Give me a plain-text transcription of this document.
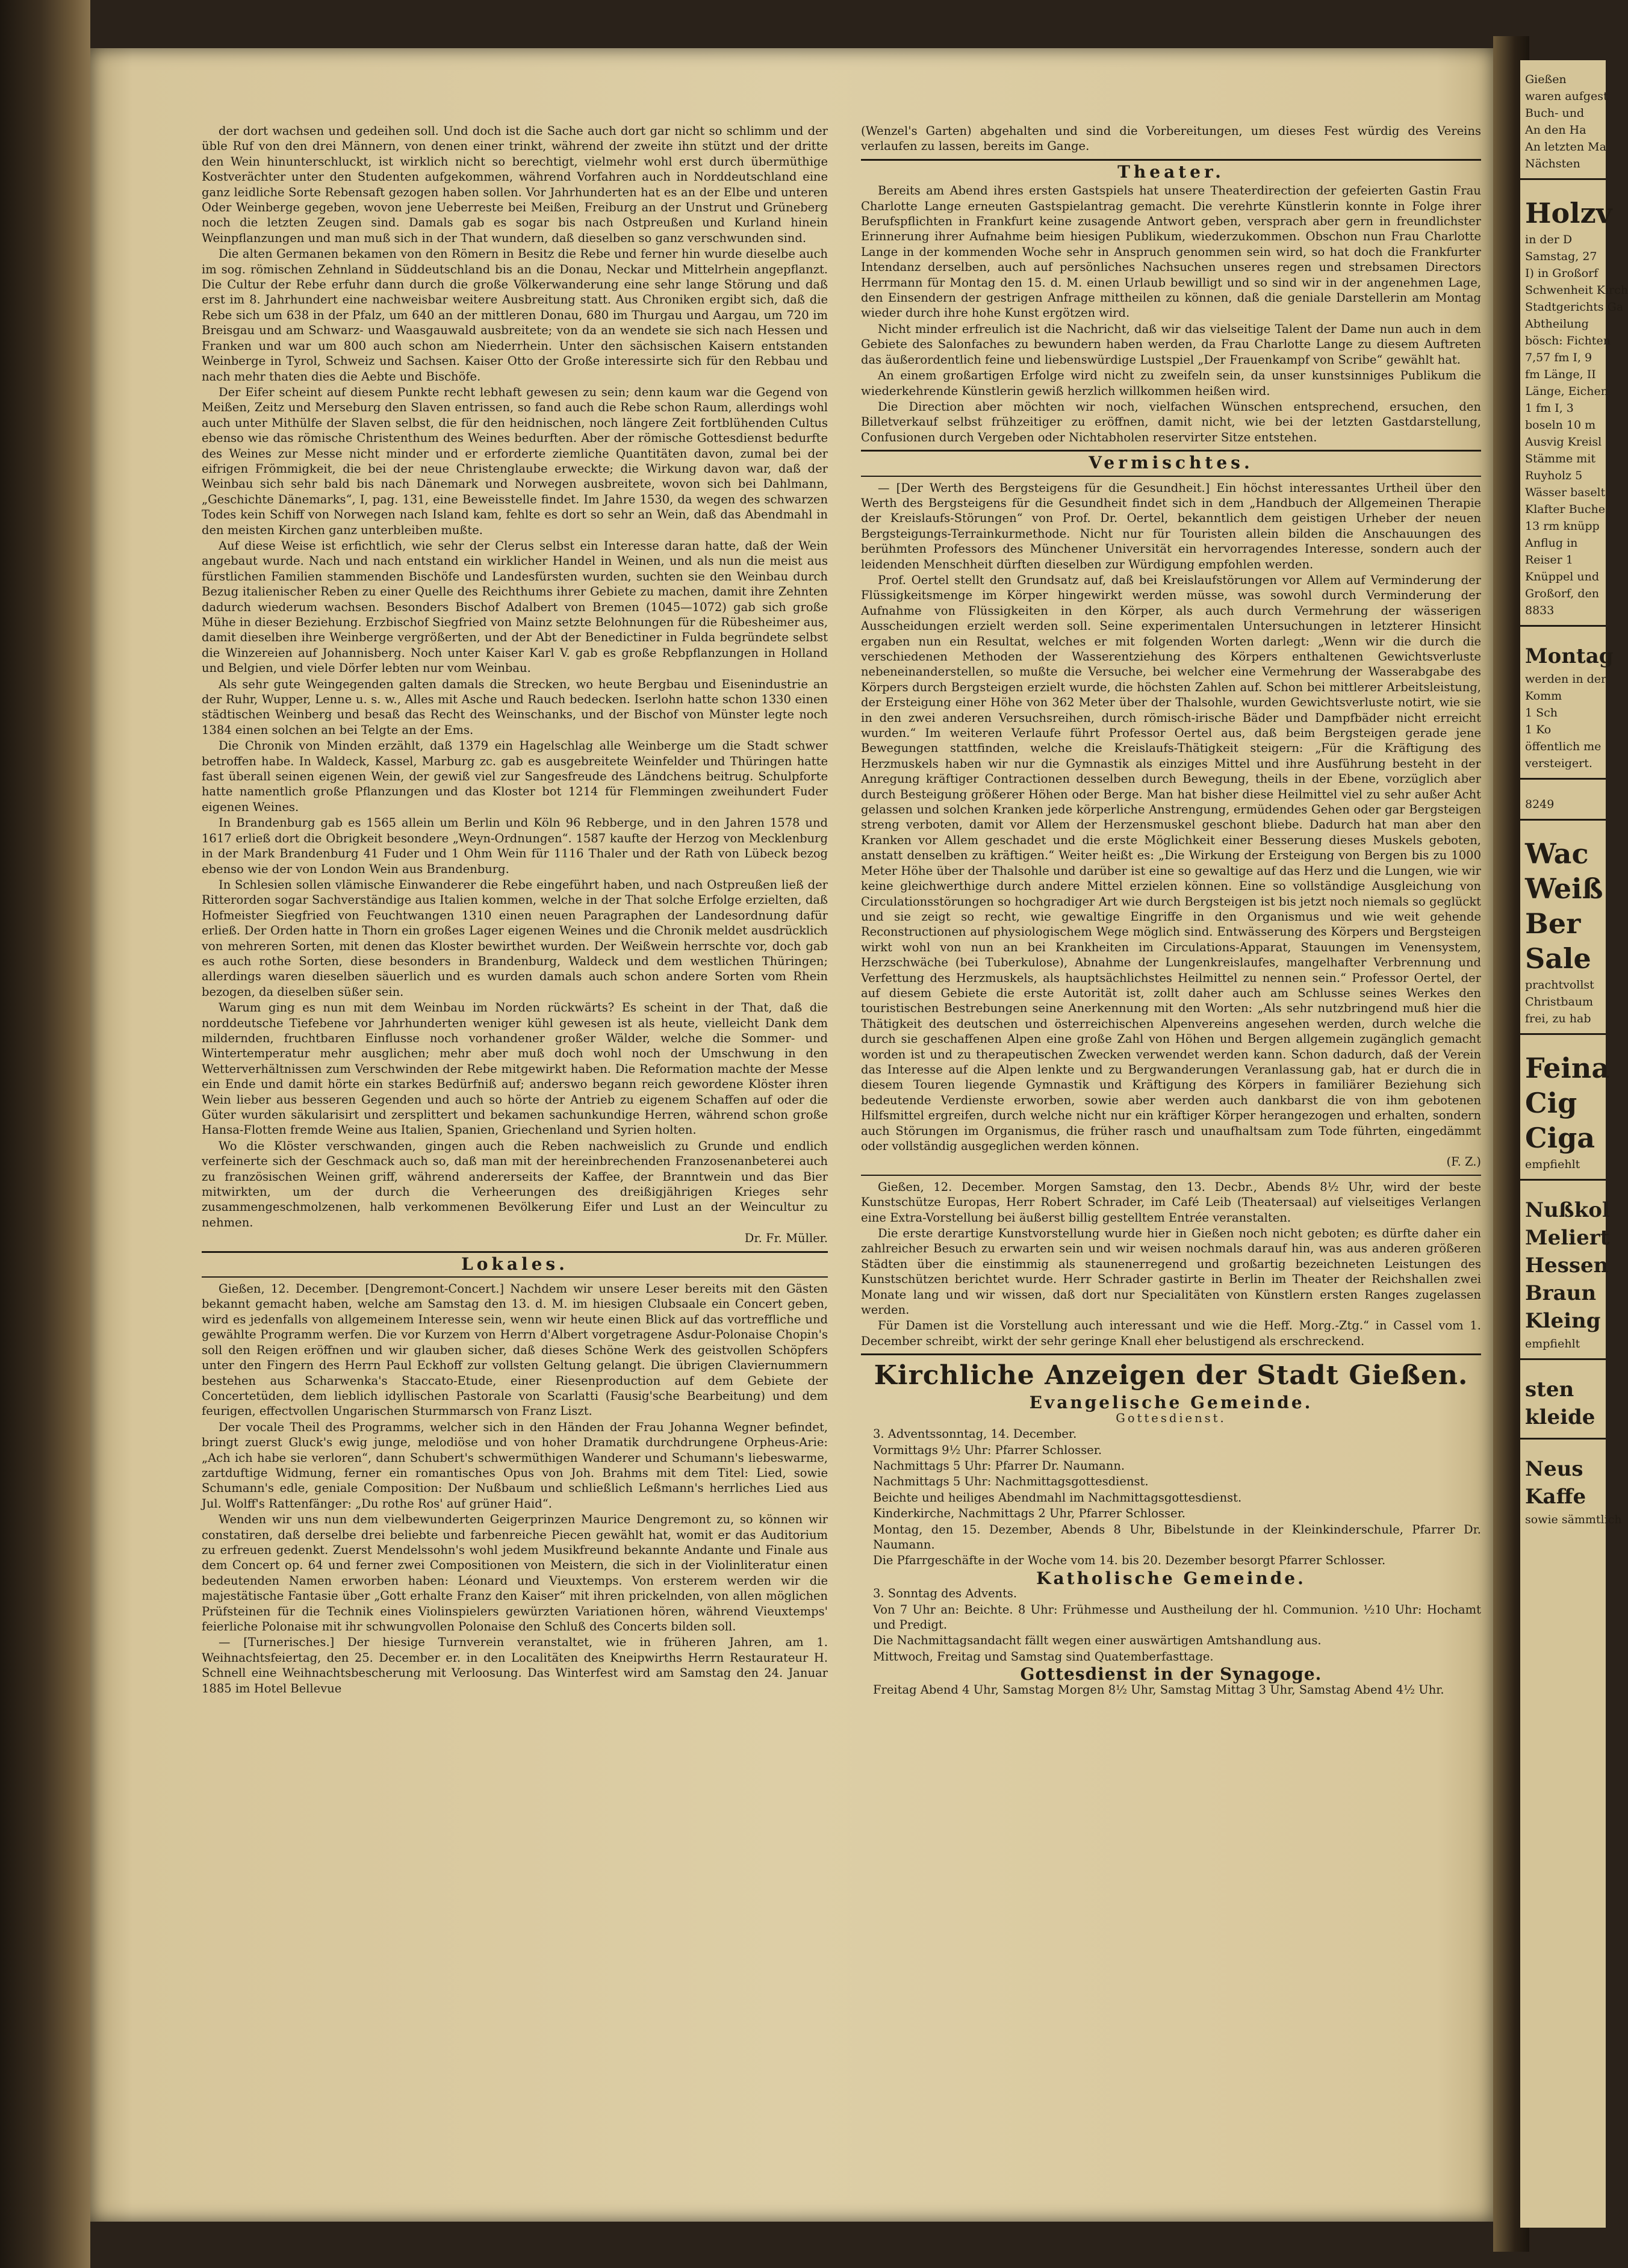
der dort wachsen und gedeihen soll. Und doch ist die Sache auch dort gar nicht so schlimm und der üble Ruf von den drei Männern, von denen einer trinkt, während der zweite ihn stützt und der dritte den Wein hinunterschluckt, ist wirklich nicht so berechtigt, vielmehr wohl erst durch übermüthige Kostverächter unter den Studenten aufgekommen, während Vorfahren auch in Norddeutschland eine ganz leidliche Sorte Rebensaft gezogen haben sollen. Vor Jahrhunderten hat es an der Elbe und unteren Oder Weinberge gegeben, wovon jene Ueberreste bei Meißen, Freiburg an der Unstrut und Grüneberg noch die letzten Zeugen sind. Damals gab es sogar bis nach Ostpreußen und Kurland hinein Weinpflanzungen und man muß sich in der That wundern, daß dieselben so ganz verschwunden sind.

Die alten Germanen bekamen von den Römern in Besitz die Rebe und ferner hin wurde dieselbe auch im sog. römischen Zehnland in Süddeutschland bis an die Donau, Neckar und Mittelrhein angepflanzt. Die Cultur der Rebe erfuhr dann durch die große Völkerwanderung eine sehr lange Störung und daß erst im 8. Jahrhundert eine nachweisbar weitere Ausbreitung statt. Aus Chroniken ergibt sich, daß die Rebe sich um 638 in der Pfalz, um 640 an der mittleren Donau, 680 im Thurgau und Aargau, um 720 im Breisgau und am Schwarz- und Waasgauwald ausbreitete; von da an wendete sie sich nach Hessen und Franken und war um 800 auch schon am Niederrhein. Unter den sächsischen Kaisern entstanden Weinberge in Tyrol, Schweiz und Sachsen. Kaiser Otto der Große interessirte sich für den Rebbau und nach mehr thaten dies die Aebte und Bischöfe.

Der Eifer scheint auf diesem Punkte recht lebhaft gewesen zu sein; denn kaum war die Gegend von Meißen, Zeitz und Merseburg den Slaven entrissen, so fand auch die Rebe schon Raum, allerdings wohl auch unter Mithülfe der Slaven selbst, die für den heidnischen, noch längere Zeit fortblühenden Cultus ebenso wie das römische Christenthum des Weines bedurften. Aber der römische Gottesdienst bedurfte des Weines zur Messe nicht minder und er erforderte ziemliche Quantitäten davon, zumal bei der eifrigen Frömmigkeit, die bei der neue Christenglaube erweckte; die Wirkung davon war, daß der Weinbau sich sehr bald bis nach Dänemark und Norwegen ausbreitete, wovon sich bei Dahlmann, „Geschichte Dänemarks“, I, pag. 131, eine Beweisstelle findet. Im Jahre 1530, da wegen des schwarzen Todes kein Schiff von Norwegen nach Island kam, fehlte es dort so sehr an Wein, daß das Abendmahl in den meisten Kirchen ganz unterbleiben mußte.

Auf diese Weise ist erfichtlich, wie sehr der Clerus selbst ein Interesse daran hatte, daß der Wein angebaut wurde. Nach und nach entstand ein wirklicher Handel in Weinen, und als nun die meist aus fürstlichen Familien stammenden Bischöfe und Landesfürsten wurden, suchten sie den Weinbau durch Bezug italienischer Reben zu einer Quelle des Reichthums ihrer Gebiete zu machen, damit ihre Zehnten dadurch wiederum wachsen. Besonders Bischof Adalbert von Bremen (1045—1072) gab sich große Mühe in dieser Beziehung. Erzbischof Siegfried von Mainz setzte Belohnungen für die Rübesheimer aus, damit dieselben ihre Weinberge vergrößerten, und der Abt der Benedictiner in Fulda begründete selbst die Winzereien auf Johannisberg. Noch unter Kaiser Karl V. gab es große Rebpflanzungen in Holland und Belgien, und viele Dörfer lebten nur vom Weinbau.

Als sehr gute Weingegenden galten damals die Strecken, wo heute Bergbau und Eisenindustrie an der Ruhr, Wupper, Lenne u. s. w., Alles mit Asche und Rauch bedecken. Iserlohn hatte schon 1330 einen städtischen Weinberg und besaß das Recht des Weinschanks, und der Bischof von Münster legte noch 1384 einen solchen an bei Telgte an der Ems.

Die Chronik von Minden erzählt, daß 1379 ein Hagelschlag alle Weinberge um die Stadt schwer betroffen habe. In Waldeck, Kassel, Marburg zc. gab es ausgebreitete Weinfelder und Thüringen hatte fast überall seinen eigenen Wein, der gewiß viel zur Sangesfreude des Ländchens beitrug. Schulpforte hatte namentlich große Pflanzungen und das Kloster bot 1214 für Flemmingen zweihundert Fuder eigenen Weines.

In Brandenburg gab es 1565 allein um Berlin und Köln 96 Rebberge, und in den Jahren 1578 und 1617 erließ dort die Obrigkeit besondere „Weyn-Ordnungen“. 1587 kaufte der Herzog von Mecklenburg in der Mark Brandenburg 41 Fuder und 1 Ohm Wein für 1116 Thaler und der Rath von Lübeck bezog ebenso wie der von London Wein aus Brandenburg.

In Schlesien sollen vlämische Einwanderer die Rebe eingeführt haben, und nach Ostpreußen ließ der Ritterorden sogar Sachverständige aus Italien kommen, welche in der That solche Erfolge erzielten, daß Hofmeister Siegfried von Feuchtwangen 1310 einen neuen Paragraphen der Landesordnung dafür erließ. Der Orden hatte in Thorn ein großes Lager eigenen Weines und die Chronik meldet ausdrücklich von mehreren Sorten, mit denen das Kloster bewirthet wurden. Der Weißwein herrschte vor, doch gab es auch rothe Sorten, diese besonders in Brandenburg, Waldeck und dem westlichen Thüringen; allerdings waren dieselben säuerlich und es wurden damals auch schon andere Sorten vom Rhein bezogen, da dieselben süßer sein.

Warum ging es nun mit dem Weinbau im Norden rückwärts? Es scheint in der That, daß die norddeutsche Tiefebene vor Jahrhunderten weniger kühl gewesen ist als heute, vielleicht Dank dem mildernden, fruchtbaren Einflusse noch vorhandener großer Wälder, welche die Sommer- und Wintertemperatur mehr ausglichen; mehr aber muß doch wohl noch der Umschwung in den Wetterverhältnissen zum Verschwinden der Rebe mitgewirkt haben. Die Reformation machte der Messe ein Ende und damit hörte ein starkes Bedürfniß auf; anderswo begann reich gewordene Klöster ihren Wein lieber aus besseren Gegenden und auch so hörte der Antrieb zu eigenem Schaffen auf oder die Güter wurden säkularisirt und zersplittert und bekamen sachunkundige Herren, während schon große Hansa-Flotten fremde Weine aus Italien, Spanien, Griechenland und Syrien holten.

Wo die Klöster verschwanden, gingen auch die Reben nachweislich zu Grunde und endlich verfeinerte sich der Geschmack auch so, daß man mit der hereinbrechenden Franzosenanbeterei auch zu französischen Weinen griff, während andererseits der Kaffee, der Branntwein und das Bier mitwirkten, um der durch die Verheerungen des dreißigjährigen Krieges sehr zusammengeschmolzenen, halb verkommenen Bevölkerung Eifer und Lust an der Weincultur zu nehmen.

Dr. Fr. Müller.

Lokales.

Gießen, 12. December. [Dengremont-Concert.] Nachdem wir unsere Leser bereits mit den Gästen bekannt gemacht haben, welche am Samstag den 13. d. M. im hiesigen Clubsaale ein Concert geben, wird es jedenfalls von allgemeinem Interesse sein, wenn wir heute einen Blick auf das vortreffliche und gewählte Programm werfen. Die vor Kurzem von Herrn d'Albert vorgetragene Asdur-Polonaise Chopin's soll den Reigen eröffnen und wir glauben sicher, daß dieses Schöne Werk des geistvollen Schöpfers unter den Fingern des Herrn Paul Eckhoff zur vollsten Geltung gelangt. Die übrigen Claviernummern bestehen aus Scharwenka's Staccato-Etude, einer Riesenproduction auf dem Gebiete der Concertetüden, dem lieblich idyllischen Pastorale von Scarlatti (Fausig'sche Bearbeitung) und dem feurigen, effectvollen Ungarischen Sturmmarsch von Franz Liszt.

Der vocale Theil des Programms, welcher sich in den Händen der Frau Johanna Wegner befindet, bringt zuerst Gluck's ewig junge, melodiöse und von hoher Dramatik durchdrungene Orpheus-Arie: „Ach ich habe sie verloren“, dann Schubert's schwermüthigen Wanderer und Schumann's liebeswarme, zartduftige Widmung, ferner ein romantisches Opus von Joh. Brahms mit dem Titel: Lied, sowie Schumann's edle, geniale Composition: Der Nußbaum und schließlich Leßmann's herrliches Lied aus Jul. Wolff's Rattenfänger: „Du rothe Ros' auf grüner Haid“.

Wenden wir uns nun dem vielbewunderten Geigerprinzen Maurice Dengremont zu, so können wir constatiren, daß derselbe drei beliebte und farbenreiche Piecen gewählt hat, womit er das Auditorium zu erfreuen gedenkt. Zuerst Mendelssohn's wohl jedem Musikfreund bekannte Andante und Finale aus dem Concert op. 64 und ferner zwei Compositionen von Meistern, die sich in der Violinliteratur einen bedeutenden Namen erworben haben: Léonard und Vieuxtemps. Von ersterem werden wir die majestätische Fantasie über „Gott erhalte Franz den Kaiser“ mit ihren prickelnden, von allen möglichen Prüfsteinen für die Technik eines Violinspielers gewürzten Variationen hören, während Vieuxtemps' feierliche Polonaise mit ihr schwungvollen Polonaise den Schluß des Concerts bilden soll.

— [Turnerisches.] Der hiesige Turnverein veranstaltet, wie in früheren Jahren, am 1. Weihnachtsfeiertag, den 25. December er. in den Localitäten des Kneipwirths Herrn Restaurateur H. Schnell eine Weihnachtsbescherung mit Verloosung. Das Winterfest wird am Samstag den 24. Januar 1885 im Hotel Bellevue

(Wenzel's Garten) abgehalten und sind die Vorbereitungen, um dieses Fest würdig des Vereins verlaufen zu lassen, bereits im Gange.

Theater.

Bereits am Abend ihres ersten Gastspiels hat unsere Theaterdirection der gefeierten Gastin Frau Charlotte Lange erneuten Gastspielantrag gemacht. Die verehrte Künstlerin konnte in Folge ihrer Berufspflichten in Frankfurt keine zusagende Antwort geben, versprach aber gern in freundlichster Erinnerung ihrer Aufnahme beim hiesigen Publikum, wiederzukommen. Obschon nun Frau Charlotte Lange in der kommenden Woche sehr in Anspruch genommen sein wird, so hat doch die Frankfurter Intendanz derselben, auch auf persönliches Nachsuchen unseres regen und strebsamen Directors Herrmann für Montag den 15. d. M. einen Urlaub bewilligt und so sind wir in der angenehmen Lage, den Einsendern der gestrigen Anfrage mittheilen zu können, daß die geniale Darstellerin am Montag wieder durch ihre hohe Kunst ergötzen wird.

Nicht minder erfreulich ist die Nachricht, daß wir das vielseitige Talent der Dame nun auch in dem Gebiete des Salonfaches zu bewundern haben werden, da Frau Charlotte Lange zu diesem Auftreten das äußerordentlich feine und liebenswürdige Lustspiel „Der Frauenkampf von Scribe“ gewählt hat.

An einem großartigen Erfolge wird nicht zu zweifeln sein, da unser kunstsinniges Publikum die wiederkehrende Künstlerin gewiß herzlich willkommen heißen wird.

Die Direction aber möchten wir noch, vielfachen Wünschen entsprechend, ersuchen, den Billetverkauf selbst frühzeitiger zu eröffnen, damit nicht, wie bei der letzten Gastdarstellung, Confusionen durch Vergeben oder Nichtabholen reservirter Sitze entstehen.

Vermischtes.

— [Der Werth des Bergsteigens für die Gesundheit.] Ein höchst interessantes Urtheil über den Werth des Bergsteigens für die Gesundheit findet sich in dem „Handbuch der Allgemeinen Therapie der Kreislaufs-Störungen“ von Prof. Dr. Oertel, bekanntlich dem geistigen Urheber der neuen Bergsteigungs-Terrainkurmethode. Nicht nur für Touristen allein bilden die Anschauungen des berühmten Professors des Münchener Universität ein hervorragendes Interesse, sondern auch der leidenden Menschheit dürften dieselben zur Würdigung empfohlen werden.

Prof. Oertel stellt den Grundsatz auf, daß bei Kreislaufstörungen vor Allem auf Verminderung der Flüssigkeitsmenge im Körper hingewirkt werden müsse, was sowohl durch Verminderung der Aufnahme von Flüssigkeiten in den Körper, als auch durch Vermehrung der wässerigen Ausscheidungen erzielt werden soll. Seine experimentalen Untersuchungen in letzterer Hinsicht ergaben nun ein Resultat, welches er mit folgenden Worten darlegt: „Wenn wir die durch die verschiedenen Methoden der Wasserentziehung des Körpers enthaltenen Gewichtsverluste nebeneinanderstellen, so mußte die Versuche, bei welcher eine Vermehrung der Wasserabgabe des Körpers durch Bergsteigen erzielt wurde, die höchsten Zahlen auf. Schon bei mittlerer Arbeitsleistung, der Ersteigung einer Höhe von 362 Meter über der Thalsohle, wurden Gewichtsverluste notirt, wie sie in den zwei anderen Versuchsreihen, durch römisch-irische Bäder und Dampfbäder nicht erreicht wurden.“ Im weiteren Verlaufe führt Professor Oertel aus, daß beim Bergsteigen gerade jene Bewegungen stattfinden, welche die Kreislaufs-Thätigkeit steigern: „Für die Kräftigung des Herzmuskels haben wir nur die Gymnastik als einziges Mittel und ihre Ausführung besteht in der Anregung kräftiger Contractionen desselben durch Bewegung, theils in der Ebene, vorzüglich aber durch Besteigung größerer Höhen oder Berge. Man hat bisher diese Heilmittel viel zu sehr außer Acht gelassen und solchen Kranken jede körperliche Anstrengung, ermüdendes Gehen oder gar Bergsteigen streng verboten, damit vor Allem der Herzensmuskel geschont bliebe. Dadurch hat man aber den Kranken vor Allem geschadet und die erste Möglichkeit einer Besserung dieses Muskels geboten, anstatt denselben zu kräftigen.“ Weiter heißt es: „Die Wirkung der Ersteigung von Bergen bis zu 1000 Meter Höhe über der Thalsohle und darüber ist eine so gewaltige auf das Herz und die Lungen, wie wir keine gleichwerthige durch andere Mittel erzielen können. Eine so vollständige Ausgleichung von Circulationsstörungen so hochgradiger Art wie durch Bergsteigen ist bis jetzt noch niemals so geglückt und sie zeigt so recht, wie gewaltige Eingriffe in den Organismus und wie weit gehende Reconstructionen auf physiologischem Wege möglich sind. Entwässerung des Körpers und Bergsteigen wirkt wohl von nun an bei Krankheiten im Circulations-Apparat, Stauungen im Venensystem, Herzschwäche (bei Tuberkulose), Abnahme der Lungenkreislaufes, mangelhafter Verbrennung und Verfettung des Herzmuskels, als hauptsächlichstes Heilmittel zu nennen sein.“ Professor Oertel, der auf diesem Gebiete die erste Autorität ist, zollt daher auch am Schlusse seines Werkes den touristischen Bestrebungen seine Anerkennung mit den Worten: „Als sehr nutzbringend muß hier die Thätigkeit des deutschen und österreichischen Alpenvereins angesehen werden, durch welche die durch sie geschaffenen Alpen eine große Zahl von Höhen und Bergen allgemein zugänglich gemacht worden ist und zu therapeutischen Zwecken verwendet werden kann. Schon dadurch, daß der Verein das Interesse auf die Alpen lenkte und zu Bergwanderungen Veranlassung gab, hat er durch die in diesem Touren liegende Gymnastik und Kräftigung des Körpers in familiärer Beziehung sich bedeutende Verdienste erworben, sowie aber werden auch dankbarst die von ihm gebotenen Hilfsmittel ergreifen, durch welche nicht nur ein kräftiger Körper herangezogen und erhalten, sondern auch Störungen im Organismus, die früher rasch und unaufhaltsam zum Tode führten, eingedämmt oder vollständig ausgeglichen werden können.

(F. Z.)

Gießen, 12. December. Morgen Samstag, den 13. Decbr., Abends 8½ Uhr, wird der beste Kunstschütze Europas, Herr Robert Schrader, im Café Leib (Theatersaal) auf vielseitiges Verlangen eine Extra-Vorstellung bei äußerst billig gestelltem Entrée veranstalten.

Die erste derartige Kunstvorstellung wurde hier in Gießen noch nicht geboten; es dürfte daher ein zahlreicher Besuch zu erwarten sein und wir weisen nochmals darauf hin, was aus anderen größeren Städten über die einstimmig als staunenerregend und großartig bezeichneten Leistungen des Kunstschützen berichtet wurde. Herr Schrader gastirte in Berlin im Theater der Reichshallen zwei Monate lang und wir wissen, daß dort nur Specialitäten von Künstlern ersten Ranges zugelassen werden.

Für Damen ist die Vorstellung auch interessant und wie die Heff. Morg.-Ztg.“ in Cassel vom 1. December schreibt, wirkt der sehr geringe Knall eher belustigend als erschreckend.

Kirchliche Anzeigen der Stadt Gießen.
Evangelische Gemeinde.

Gottesdienst.

3. Adventssonntag, 14. December.

Vormittags 9½ Uhr: Pfarrer Schlosser.

Nachmittags 5 Uhr: Pfarrer Dr. Naumann.

Nachmittags 5 Uhr: Nachmittagsgottesdienst.

Beichte und heiliges Abendmahl im Nachmittagsgottesdienst.

Kinderkirche, Nachmittags 2 Uhr, Pfarrer Schlosser.

Montag, den 15. Dezember, Abends 8 Uhr, Bibelstunde in der Kleinkinderschule, Pfarrer Dr. Naumann.

Die Pfarrgeschäfte in der Woche vom 14. bis 20. Dezember besorgt Pfarrer Schlosser.

Katholische Gemeinde.

3. Sonntag des Advents.

Von 7 Uhr an: Beichte. 8 Uhr: Frühmesse und Austheilung der hl. Communion. ½10 Uhr: Hochamt und Predigt.

Die Nachmittagsandacht fällt wegen einer auswärtigen Amtshandlung aus.

Mittwoch, Freitag und Samstag sind Quatemberfasttage.

Gottesdienst in der Synagoge.

Freitag Abend 4 Uhr, Samstag Morgen 8½ Uhr, Samstag Mittag 3 Uhr, Samstag Abend 4½ Uhr.

Gießen
waren aufgest
Buch- und
An den Ha
An letzten Ma
Nächsten
Holzv
in der D
Samstag, 27
I) in Großorf
Schwenheit Kirch
Stadtgerichts Ga
Abtheilung
bösch: Fichten
7,57 fm I, 9
fm Länge, II
Länge, Eichen
1 fm I, 3
boseln 10 m
Ausvig Kreisl
Stämme mit
Ruyholz 5
Wässer baselt
Klafter Buche
13 rm knüpp
Anflug in
Reiser 1
Knüppel und
Großorf, den
8833
Montag
werden in der
Komm
1 Sch
1 Ko
öffentlich me
versteigert.
8249
Wac
Weiß
Ber
Sale
prachtvollst
Christbaum
frei, zu hab
Feina
Cig
Ciga
empfiehlt
Nußkol
Meliert
Hessen
Braun
Kleing
empfiehlt
sten
kleide
Neus
Kaffe
sowie sämmtlich
